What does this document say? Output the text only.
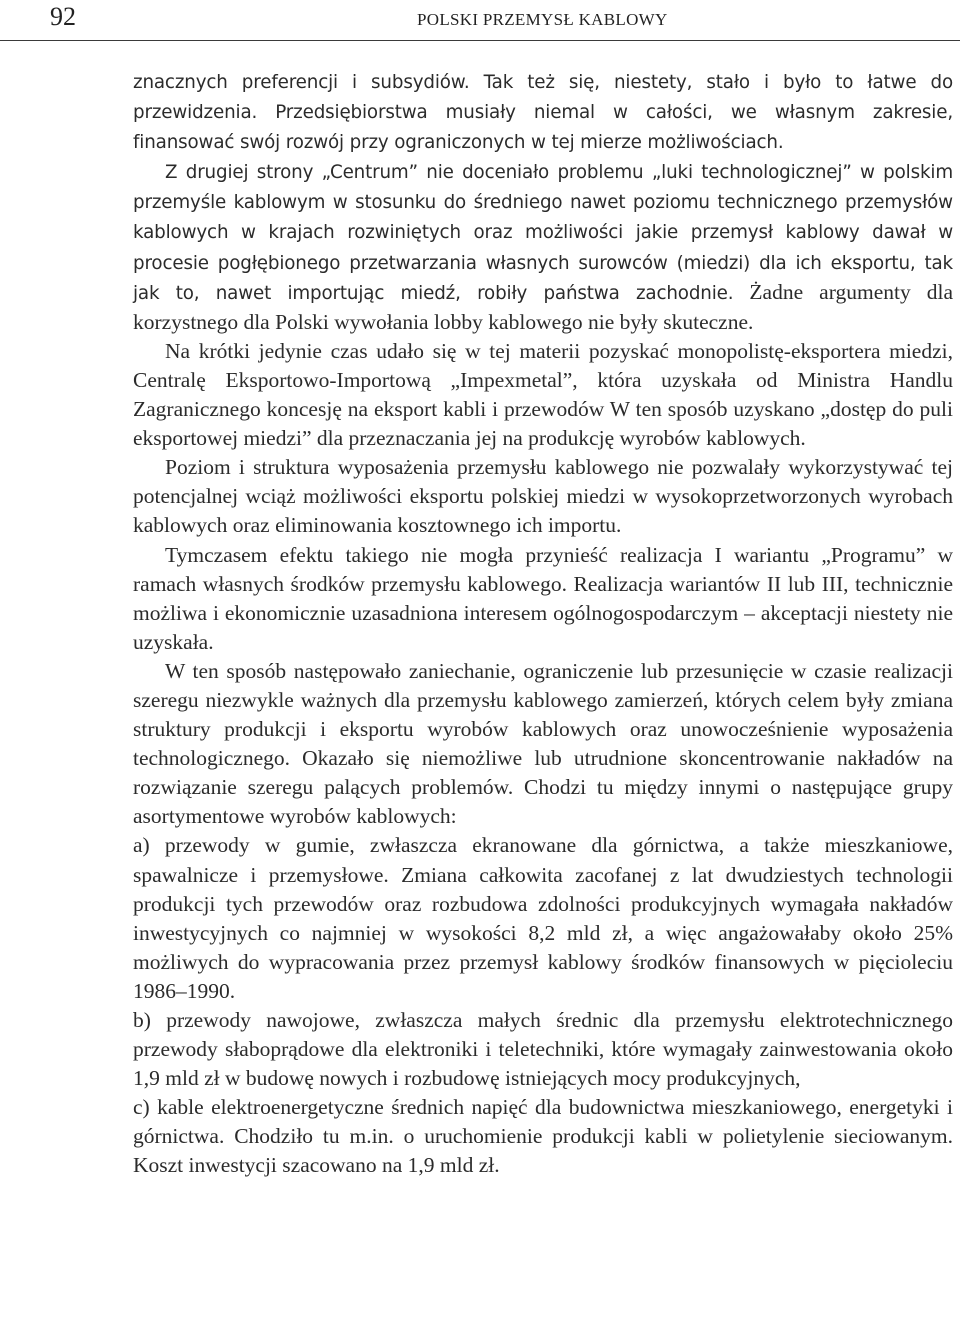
92	POLSKI PRZEMYSŁ KABLOWY

znacznych preferencji i subsydiów. Tak też się, niestety, stało i było to łatwe do przewidzenia. Przedsiębiorstwa musiały niemal w całości, we własnym zakresie, finansować swój rozwój przy ograniczonych w tej mierze możliwościach.

Z drugiej strony „Centrum” nie doceniało problemu „luki technologicznej” w polskim przemyśle kablowym w stosunku do średniego nawet poziomu technicznego przemysłów kablowych w krajach rozwiniętych oraz możliwości jakie przemysł kablowy dawał w procesie pogłębionego przetwarzania własnych surowców (miedzi) dla ich eksportu, tak jak to, nawet importując miedź, robiły państwa zachodnie. Żadne argumenty dla korzystnego dla Polski wywołania lobby kablowego nie były skuteczne.

Na krótki jedynie czas udało się w tej materii pozyskać monopolistę-eksportera miedzi, Centralę Eksportowo-Importową „Impexmetal”, która uzyskała od Ministra Handlu Zagranicznego koncesję na eksport kabli i przewodów W ten sposób uzyskano „dostęp do puli eksportowej miedzi” dla przeznaczania jej na produkcję wyrobów kablowych.

Poziom i struktura wyposażenia przemysłu kablowego nie pozwalały wykorzystywać tej potencjalnej wciąż możliwości eksportu polskiej miedzi w wysokoprzetworzonych wyrobach kablowych oraz eliminowania kosztownego ich importu.

Tymczasem efektu takiego nie mogła przynieść realizacja I wariantu „Programu” w ramach własnych środków przemysłu kablowego. Realizacja wariantów II lub III, technicznie możliwa i ekonomicznie uzasadniona interesem ogólnogospodarczym – akceptacji niestety nie uzyskała.

W ten sposób następowało zaniechanie, ograniczenie lub przesunięcie w czasie realizacji szeregu niezwykle ważnych dla przemysłu kablowego zamierzeń, których celem były zmiana struktury produkcji i eksportu wyrobów kablowych oraz unowocześnienie wyposażenia technologicznego. Okazało się niemożliwe lub utrudnione skoncentrowanie nakładów na rozwiązanie szeregu palących problemów. Chodzi tu między innymi o następujące grupy asortymentowe wyrobów kablowych:

a) przewody w gumie, zwłaszcza ekranowane dla górnictwa, a także mieszkaniowe, spawalnicze i przemysłowe. Zmiana całkowita zacofanej z lat dwudziestych technologii produkcji tych przewodów oraz rozbudowa zdolności produkcyjnych wymagała nakładów inwestycyjnych co najmniej w wysokości 8,2 mld zł, a więc angażowałaby około 25% możliwych do wypracowania przez przemysł kablowy środków finansowych w pięcioleciu 1986–1990.

b) przewody nawojowe, zwłaszcza małych średnic dla przemysłu elektrotechnicznego przewody słaboprądowe dla elektroniki i teletechniki, które wymagały zainwestowania około 1,9 mld zł w budowę nowych i rozbudowę istniejących mocy produkcyjnych,

c) kable elektroenergetyczne średnich napięć dla budownictwa mieszkaniowego, energetyki i górnictwa. Chodziło tu m.in. o uruchomienie produkcji kabli w polietylenie sieciowanym. Koszt inwestycji szacowano na 1,9 mld zł.
